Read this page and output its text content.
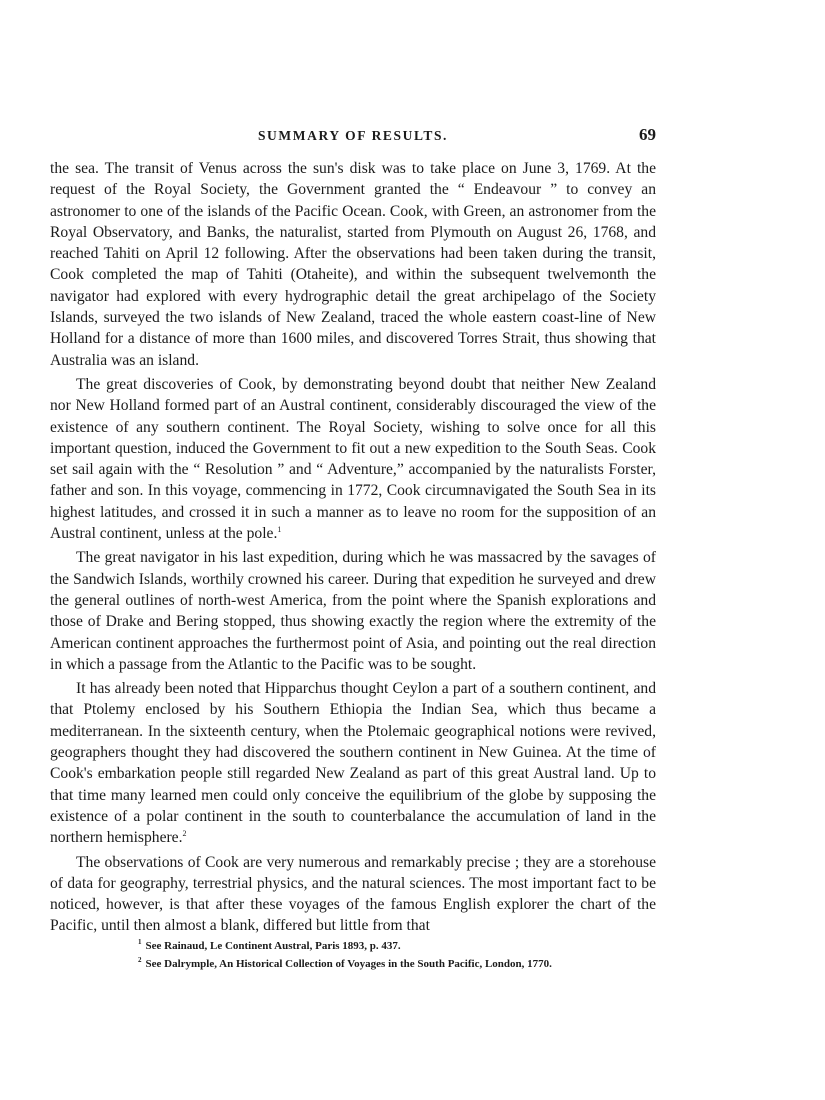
SUMMARY OF RESULTS.	69

the sea. The transit of Venus across the sun's disk was to take place on June 3, 1769. At the request of the Royal Society, the Government granted the “ Endeavour ” to convey an astronomer to one of the islands of the Pacific Ocean. Cook, with Green, an astronomer from the Royal Observatory, and Banks, the naturalist, started from Plymouth on August 26, 1768, and reached Tahiti on April 12 following. After the observations had been taken during the transit, Cook completed the map of Tahiti (Otaheite), and within the subsequent twelvemonth the navigator had explored with every hydrographic detail the great archipelago of the Society Islands, surveyed the two islands of New Zealand, traced the whole eastern coast-line of New Holland for a distance of more than 1600 miles, and discovered Torres Strait, thus showing that Australia was an island.

The great discoveries of Cook, by demonstrating beyond doubt that neither New Zealand nor New Holland formed part of an Austral continent, considerably discouraged the view of the existence of any southern continent. The Royal Society, wishing to solve once for all this important question, induced the Government to fit out a new expedition to the South Seas. Cook set sail again with the “ Resolution ” and “ Adventure,” accompanied by the naturalists Forster, father and son. In this voyage, commencing in 1772, Cook circumnavigated the South Sea in its highest latitudes, and crossed it in such a manner as to leave no room for the supposition of an Austral continent, unless at the pole.$^1$

The great navigator in his last expedition, during which he was massacred by the savages of the Sandwich Islands, worthily crowned his career. During that expedition he surveyed and drew the general outlines of north-west America, from the point where the Spanish explorations and those of Drake and Bering stopped, thus showing exactly the region where the extremity of the American continent approaches the furthermost point of Asia, and pointing out the real direction in which a passage from the Atlantic to the Pacific was to be sought.

It has already been noted that Hipparchus thought Ceylon a part of a southern continent, and that Ptolemy enclosed by his Southern Ethiopia the Indian Sea, which thus became a mediterranean. In the sixteenth century, when the Ptolemaic geographical notions were revived, geographers thought they had discovered the southern continent in New Guinea. At the time of Cook's embarkation people still regarded New Zealand as part of this great Austral land. Up to that time many learned men could only conceive the equilibrium of the globe by supposing the existence of a polar continent in the south to counterbalance the accumulation of land in the northern hemisphere.$^2$

The observations of Cook are very numerous and remarkably precise ; they are a storehouse of data for geography, terrestrial physics, and the natural sciences. The most important fact to be noticed, however, is that after these voyages of the famous English explorer the chart of the Pacific, until then almost a blank, differed but little from that

$^1$ See Rainaud, Le Continent Austral, Paris 1893, p. 437.
$^2$ See Dalrymple, An Historical Collection of Voyages in the South Pacific, London, 1770.
